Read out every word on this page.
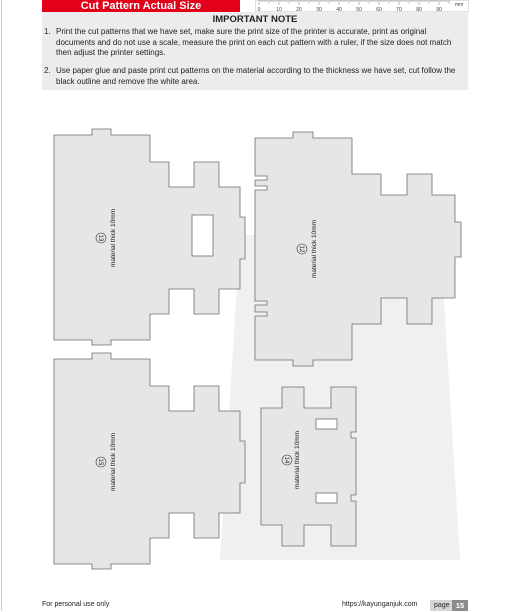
Cut Pattern Actual Size	0	10	20	30	40	50	60	70	80	90
mm
IMPORTANT NOTE
1. Print the cut patterns that we have set, make sure the print size of the printer is accurate, print as original documents and do not use a scale, measure the print on each cut pattern with a ruler, if the size does not match then adjust the printer settings.
2. Use paper glue and paste print cut patterns on the material according to the thickness we have set, cut follow the black outline and remove the white area.
13 material thick 10mm	12 material thick 10mm
15 material thick 10mm	14 material thick 10mm
For personal use only	https://kayunganjuk.com page 15
